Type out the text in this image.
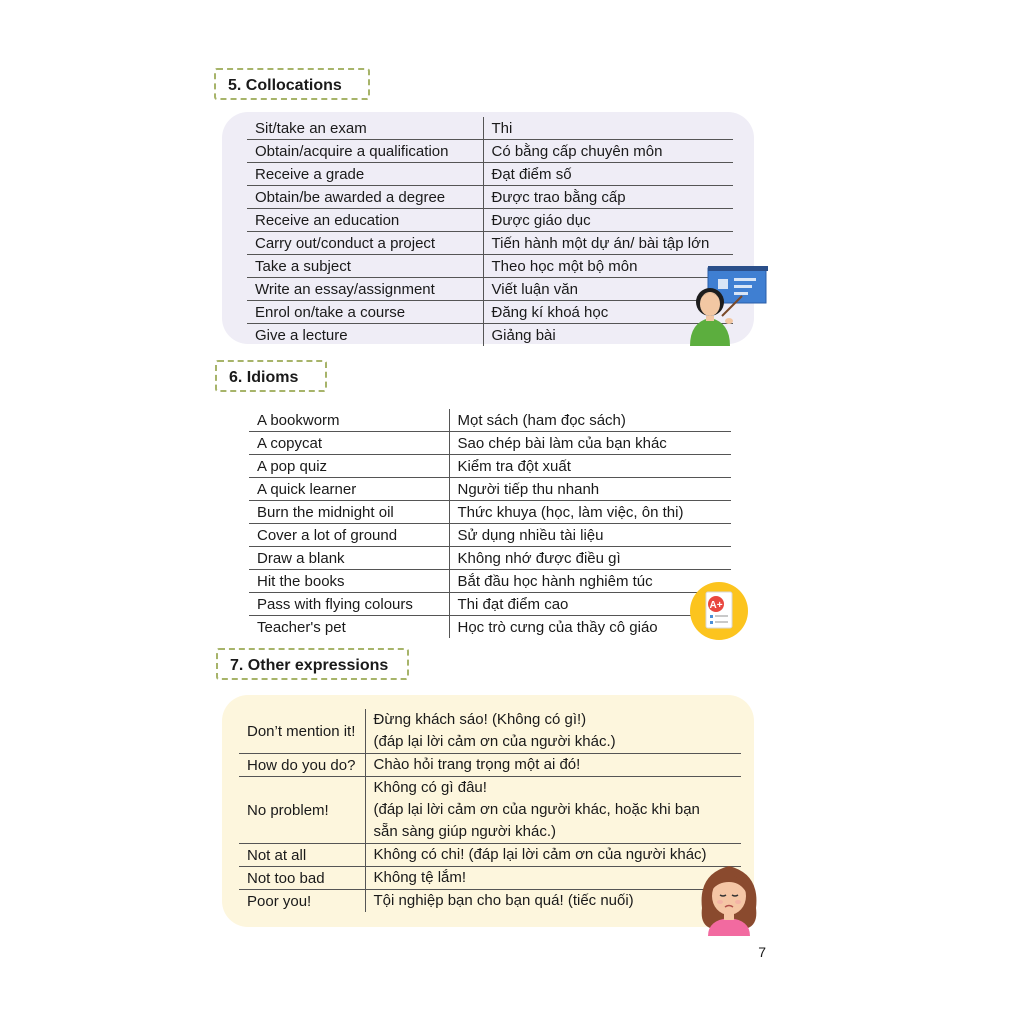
5. Collocations
Sit/take an exam	Thi
Obtain/acquire a qualification	Có bằng cấp chuyên môn
Receive a grade	Đạt điểm số
Obtain/be awarded a degree	Được trao bằng cấp
Receive an education	Được giáo dục
Carry out/conduct a project	Tiến hành một dự án/ bài tập lớn
Take a subject	Theo học một bộ môn
Write an essay/assignment	Viết luận văn
Enrol on/take a course	Đăng kí khoá học
Give a lecture	Giảng bài
6. Idioms
A bookworm	Mọt sách (ham đọc sách)
A copycat	Sao chép bài làm của bạn khác
A pop quiz	Kiểm tra đột xuất
A quick learner	Người tiếp thu nhanh
Burn the midnight oil	Thức khuya (học, làm việc, ôn thi)
Cover a lot of ground	Sử dụng nhiều tài liệu
Draw a blank	Không nhớ được điều gì
Hit the books	Bắt đầu học hành nghiêm túc
Pass with flying colours	Thi đạt điểm cao
Teacher's pet	Học trò cưng của thầy cô giáo
A+
7. Other expressions
Don’t mention it!	Đừng khách sáo! (Không có gì!)
(đáp lại lời cảm ơn của người khác.)

How do you do?	Chào hỏi trang trọng một ai đó!

No problem!	Không có gì đâu!
(đáp lại lời cảm ơn của người khác, hoặc khi bạn
sẵn sàng giúp người khác.)

Not at all	Không có chi! (đáp lại lời cảm ơn của người khác)

Not too bad	Không tệ lắm!

Poor you!	Tội nghiệp bạn cho bạn quá! (tiếc nuối)
7
